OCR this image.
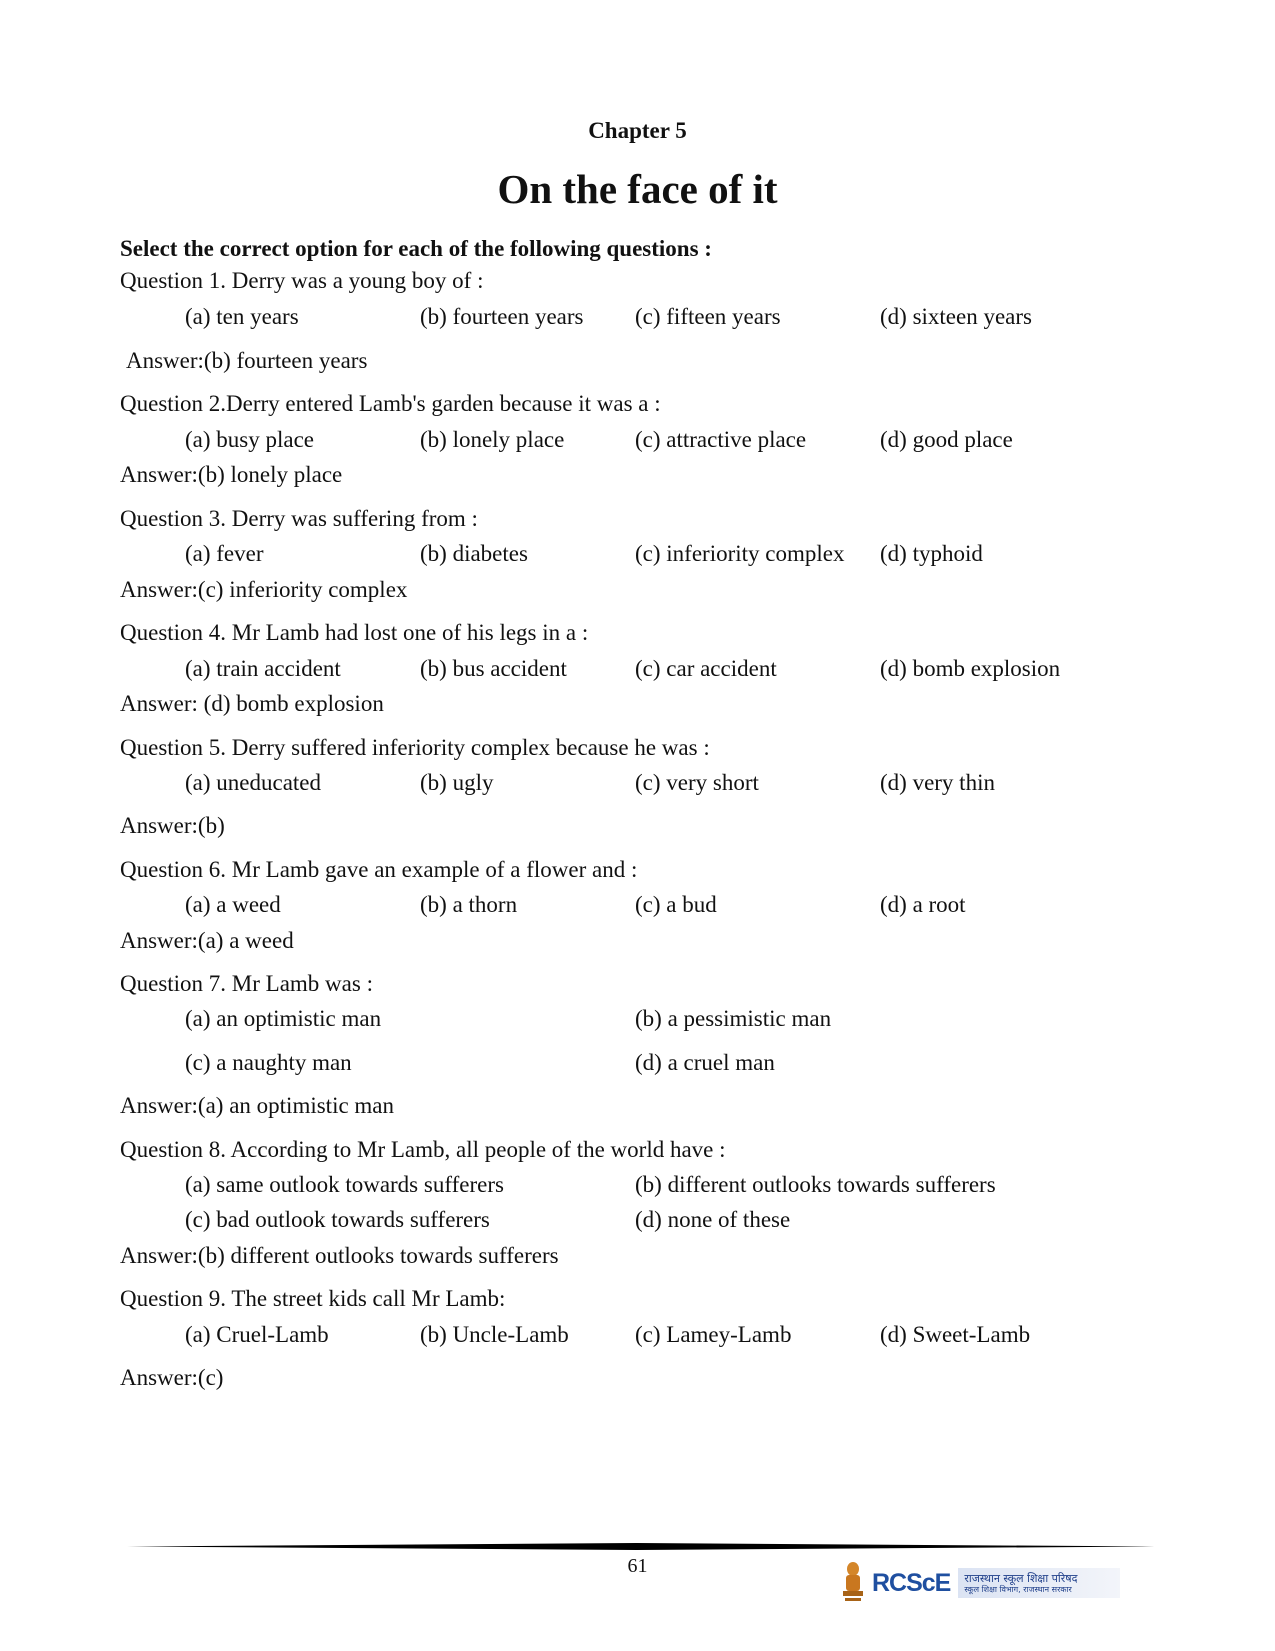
Chapter 5
On the face of it
Select the correct option for each of the following questions :
Question 1. Derry was a young boy of :
(a) ten years	(b) fourteen years (c) fifteen years	(d) sixteen years
Answer:(b) fourteen years
Question 2.Derry entered Lamb's garden because it was a :
(a) busy place	(b) lonely place	(c) attractive place	(d) good place
Answer:(b) lonely place
Question 3. Derry was suffering from :
(a) fever	(b) diabetes	(c) inferiority complex (d) typhoid
Answer:(c) inferiority complex
Question 4. Mr Lamb had lost one of his legs in a :
(a) train accident	(b) bus accident	(c) car accident	(d) bomb explosion
Answer: (d) bomb explosion
Question 5. Derry suffered inferiority complex because he was :
(a) uneducated	(b) ugly	(c) very short	(d) very thin
Answer:(b)
Question 6. Mr Lamb gave an example of a flower and :
(a) a weed	(b) a thorn	(c) a bud	(d) a root
Answer:(a) a weed
Question 7. Mr Lamb was :
(a) an optimistic man	(b) a pessimistic man
(c) a naughty man	(d) a cruel man
Answer:(a) an optimistic man
Question 8. According to Mr Lamb, all people of the world have :
(a) same outlook towards sufferers	(b) different outlooks towards sufferers
(c) bad outlook towards sufferers	(d) none of these
Answer:(b) different outlooks towards sufferers
Question 9. The street kids call Mr Lamb:
(a) Cruel-Lamb	(b) Uncle-Lamb	(c) Lamey-Lamb	(d) Sweet-Lamb
Answer:(c)
61
RCScE राजस्थान स्कूल शिक्षा परिषद
स्कूल शिक्षा विभाग, राजस्थान सरकार
